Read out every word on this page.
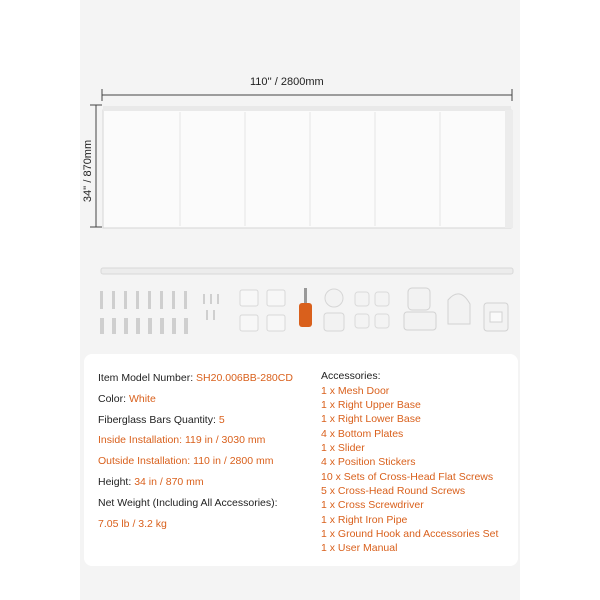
110'' / 2800mm
34'' / 870mm
Item Model Number: SH20.006BB-280CD
Color: White
Fiberglass Bars Quantity: 5
Inside Installation: 119 in / 3030 mm
Outside Installation: 110 in / 2800 mm
Height: 34 in / 870 mm
Net Weight (Including All Accessories):
7.05 lb / 3.2 kg
Accessories:
1 x Mesh Door
1 x Right Upper Base
1 x Right Lower Base
4 x Bottom Plates
1 x Slider
4 x Position Stickers
10 x Sets of Cross-Head Flat Screws
5 x Cross-Head Round Screws
1 x Cross Screwdriver
1 x Right Iron Pipe
1 x Ground Hook and Accessories Set
1 x User Manual
